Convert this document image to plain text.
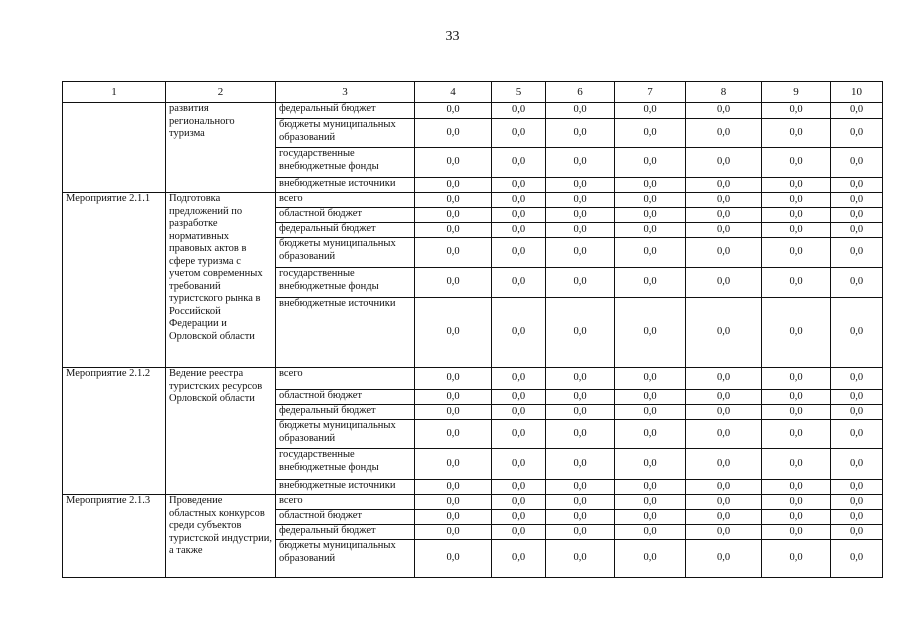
33
1	2	3	4	5	6	7	8	9	10
	развития регионального туризма	федеральный бюджет	0,0	0,0	0,0	0,0	0,0	0,0	0,0
		бюджеты муниципальных образований	0,0	0,0	0,0	0,0	0,0	0,0	0,0
		государственные внебюджетные фонды	0,0	0,0	0,0	0,0	0,0	0,0	0,0
		внебюджетные источники	0,0	0,0	0,0	0,0	0,0	0,0	0,0
Мероприятие 2.1.1	Подготовка предложений по разработке нормативных правовых актов в сфере туризма с учетом современных требований туристского рынка в Российской Федерации и Орловской области	всего	0,0	0,0	0,0	0,0	0,0	0,0	0,0
		областной бюджет	0,0	0,0	0,0	0,0	0,0	0,0	0,0
		федеральный бюджет	0,0	0,0	0,0	0,0	0,0	0,0	0,0
		бюджеты муниципальных образований	0,0	0,0	0,0	0,0	0,0	0,0	0,0
		государственные внебюджетные фонды	0,0	0,0	0,0	0,0	0,0	0,0	0,0
		внебюджетные источники	0,0	0,0	0,0	0,0	0,0	0,0	0,0
Мероприятие 2.1.2	Ведение реестра туристских ресурсов Орловской области	всего	0,0	0,0	0,0	0,0	0,0	0,0	0,0
		областной бюджет	0,0	0,0	0,0	0,0	0,0	0,0	0,0
		федеральный бюджет	0,0	0,0	0,0	0,0	0,0	0,0	0,0
		бюджеты муниципальных образований	0,0	0,0	0,0	0,0	0,0	0,0	0,0
		государственные внебюджетные фонды	0,0	0,0	0,0	0,0	0,0	0,0	0,0
		внебюджетные источники	0,0	0,0	0,0	0,0	0,0	0,0	0,0
Мероприятие 2.1.3	Проведение областных конкурсов среди субъектов туристской индустрии, а также	всего	0,0	0,0	0,0	0,0	0,0	0,0	0,0
		областной бюджет	0,0	0,0	0,0	0,0	0,0	0,0	0,0
		федеральный бюджет	0,0	0,0	0,0	0,0	0,0	0,0	0,0
		бюджеты муниципальных образований	0,0	0,0	0,0	0,0	0,0	0,0	0,0
